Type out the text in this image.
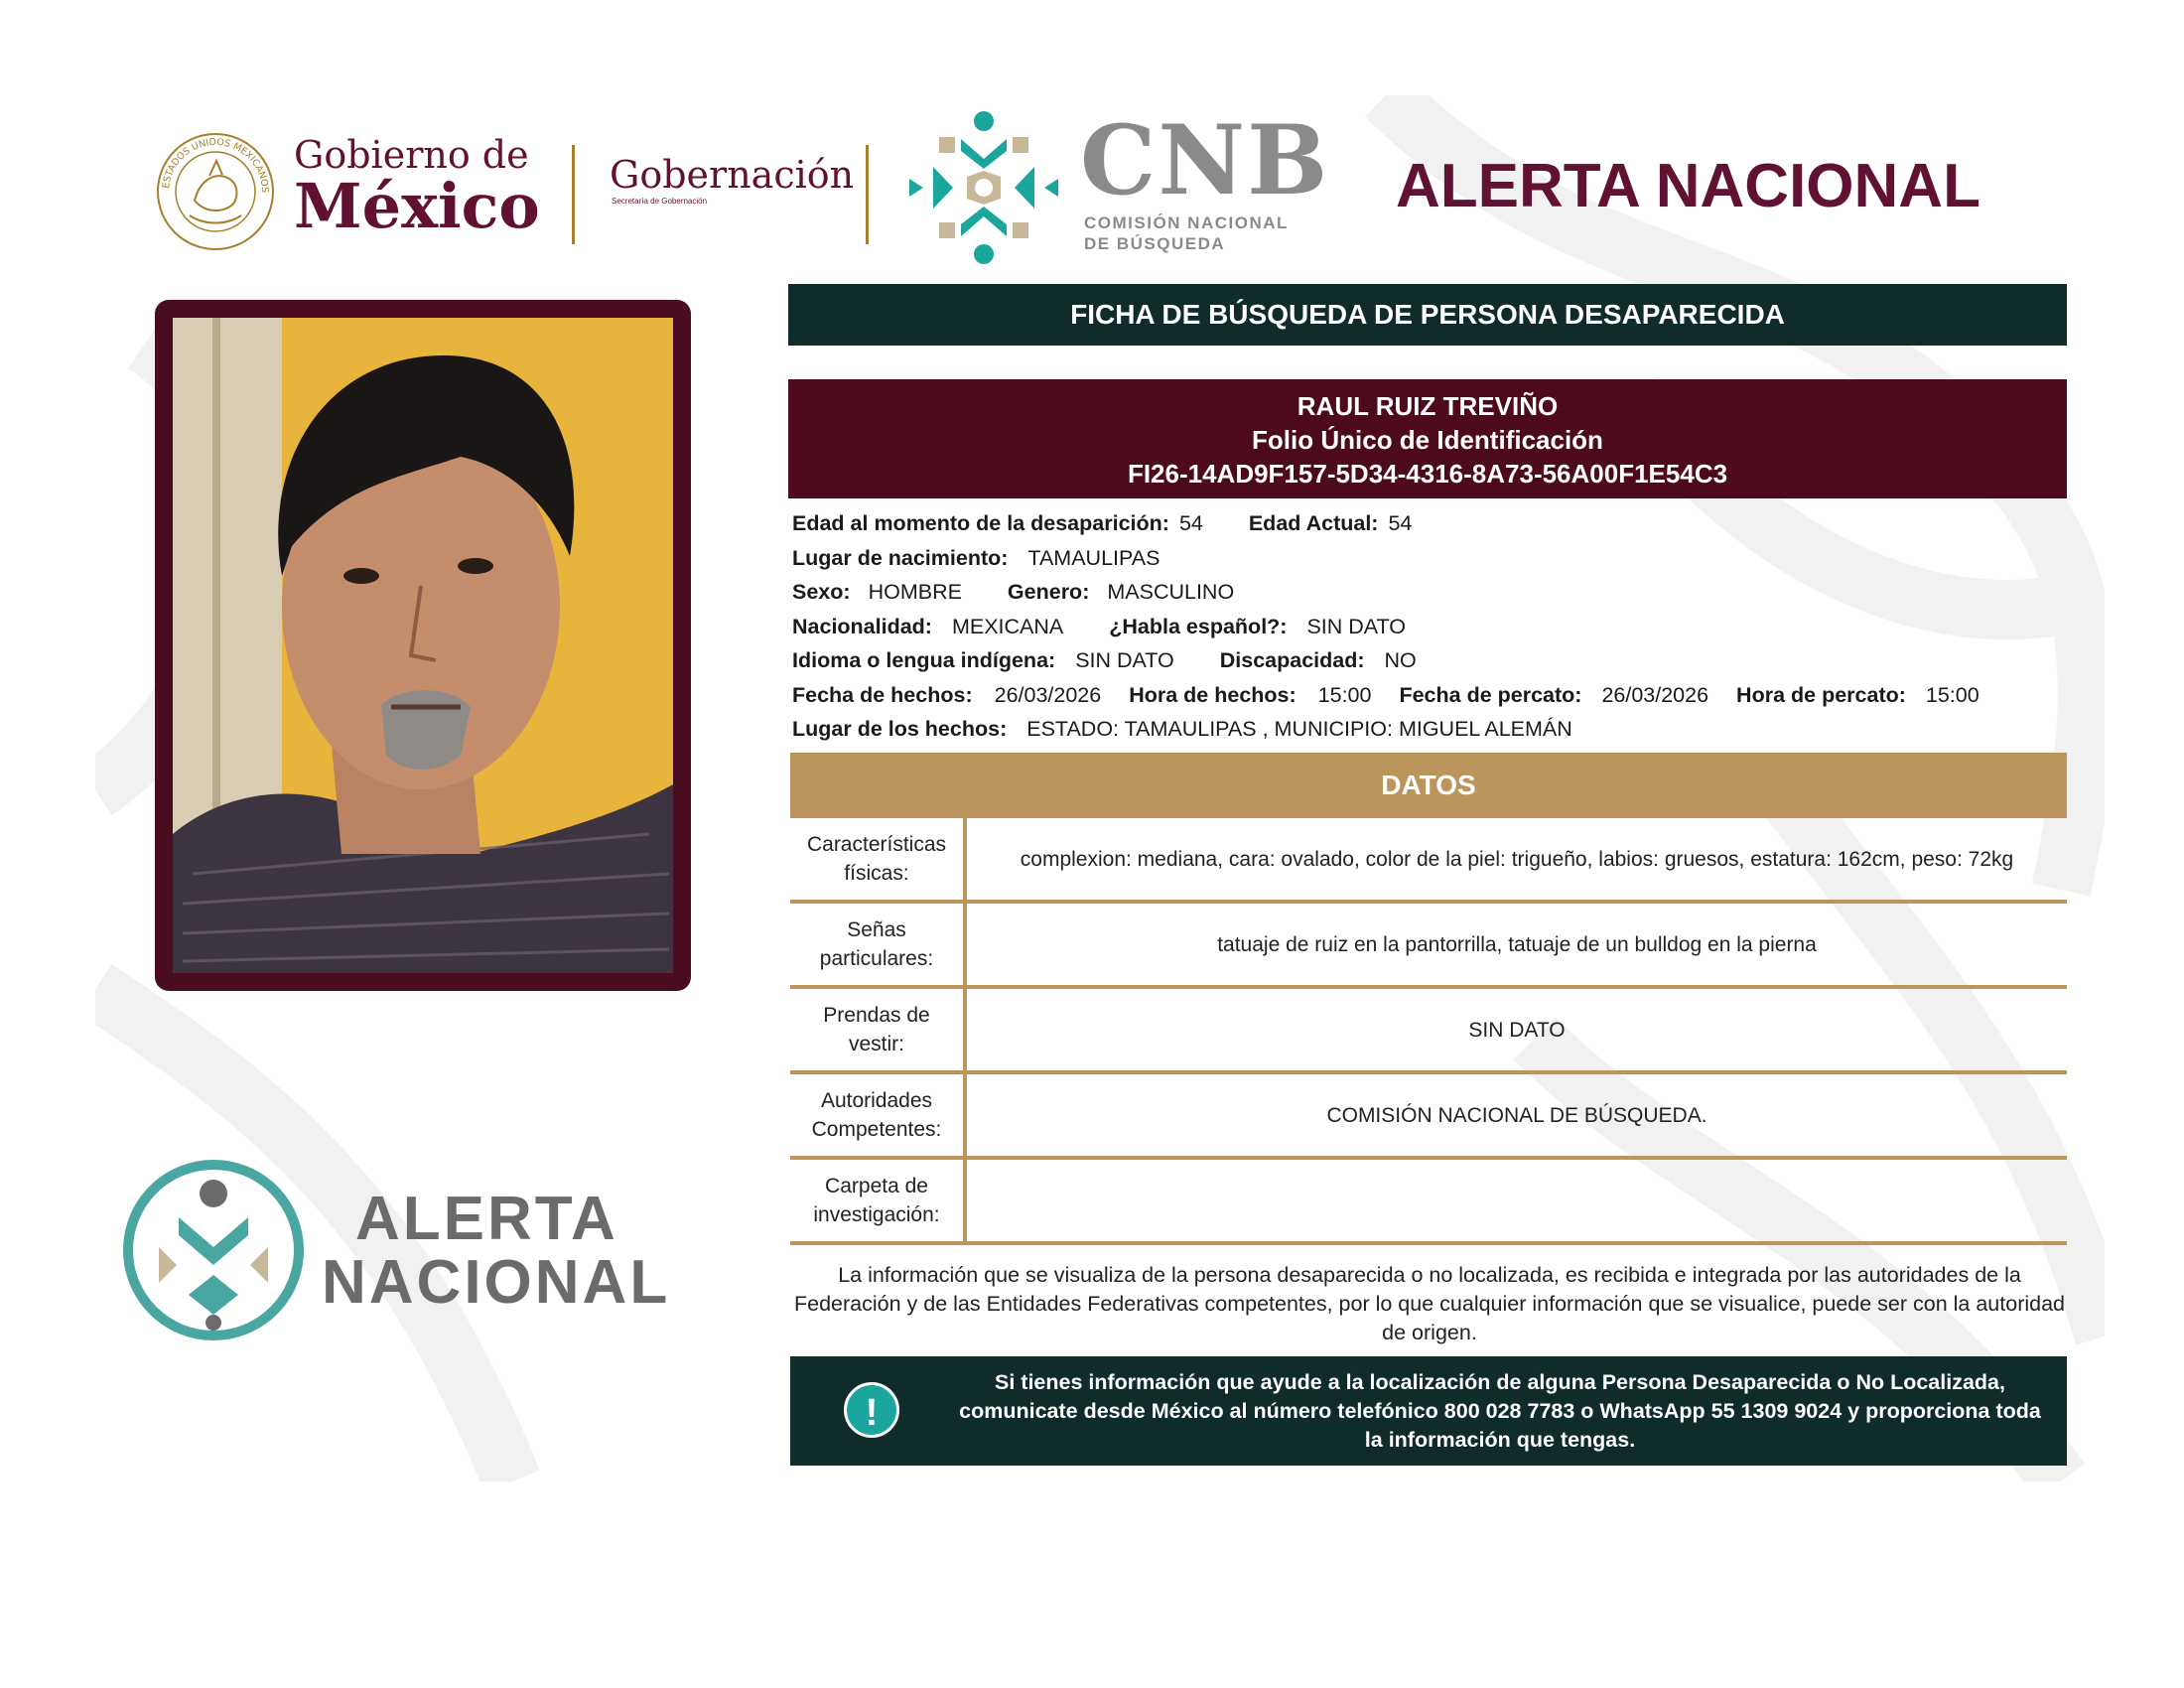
ESTADOS UNIDOS MEXICANOS
Gobierno de
México Gobernación
Secretaría de Gobernación	CNB
COMISIÓN NACIONAL
DE BÚSQUEDA
ALERTA NACIONAL
ALERTA
NACIONAL
FICHA DE BÚSQUEDA DE PERSONA DESAPARECIDA
RAUL RUIZ TREVIÑO
Folio Único de Identificación
FI26-14AD9F157-5D34-4316-8A73-56A00F1E54C3
Edad al momento de la desaparición: 54 Edad Actual: 54
Lugar de nacimiento: TAMAULIPAS
Sexo: HOMBRE Genero: MASCULINO
Nacionalidad: MEXICANA ¿Habla español?: SIN DATO
Idioma o lengua indígena: SIN DATO Discapacidad: NO
Fecha de hechos: 26/03/2026 Hora de hechos: 15:00 Fecha de percato: 26/03/2026 Hora de percato: 15:00
Lugar de los hechos: ESTADO: TAMAULIPAS , MUNICIPIO: MIGUEL ALEMÁN
DATOS
Características físicas:	complexion: mediana, cara: ovalado, color de la piel: trigueño, labios: gruesos, estatura: 162cm, peso: 72kg
Señas particulares:	tatuaje de ruiz en la pantorrilla, tatuaje de un bulldog en la pierna
Prendas de vestir:	SIN DATO
Autoridades Competentes:	COMISIÓN NACIONAL DE BÚSQUEDA.
Carpeta de investigación:	
La información que se visualiza de la persona desaparecida o no localizada, es recibida e integrada por las autoridades de la Federación y de las Entidades Federativas competentes, por lo que cualquier información que se visualice, puede ser con la autoridad de origen.
!
Si tienes información que ayude a la localización de alguna Persona Desaparecida o No Localizada, comunicate desde México al número telefónico 800 028 7783 o WhatsApp 55 1309 9024 y proporciona toda la información que tengas.
